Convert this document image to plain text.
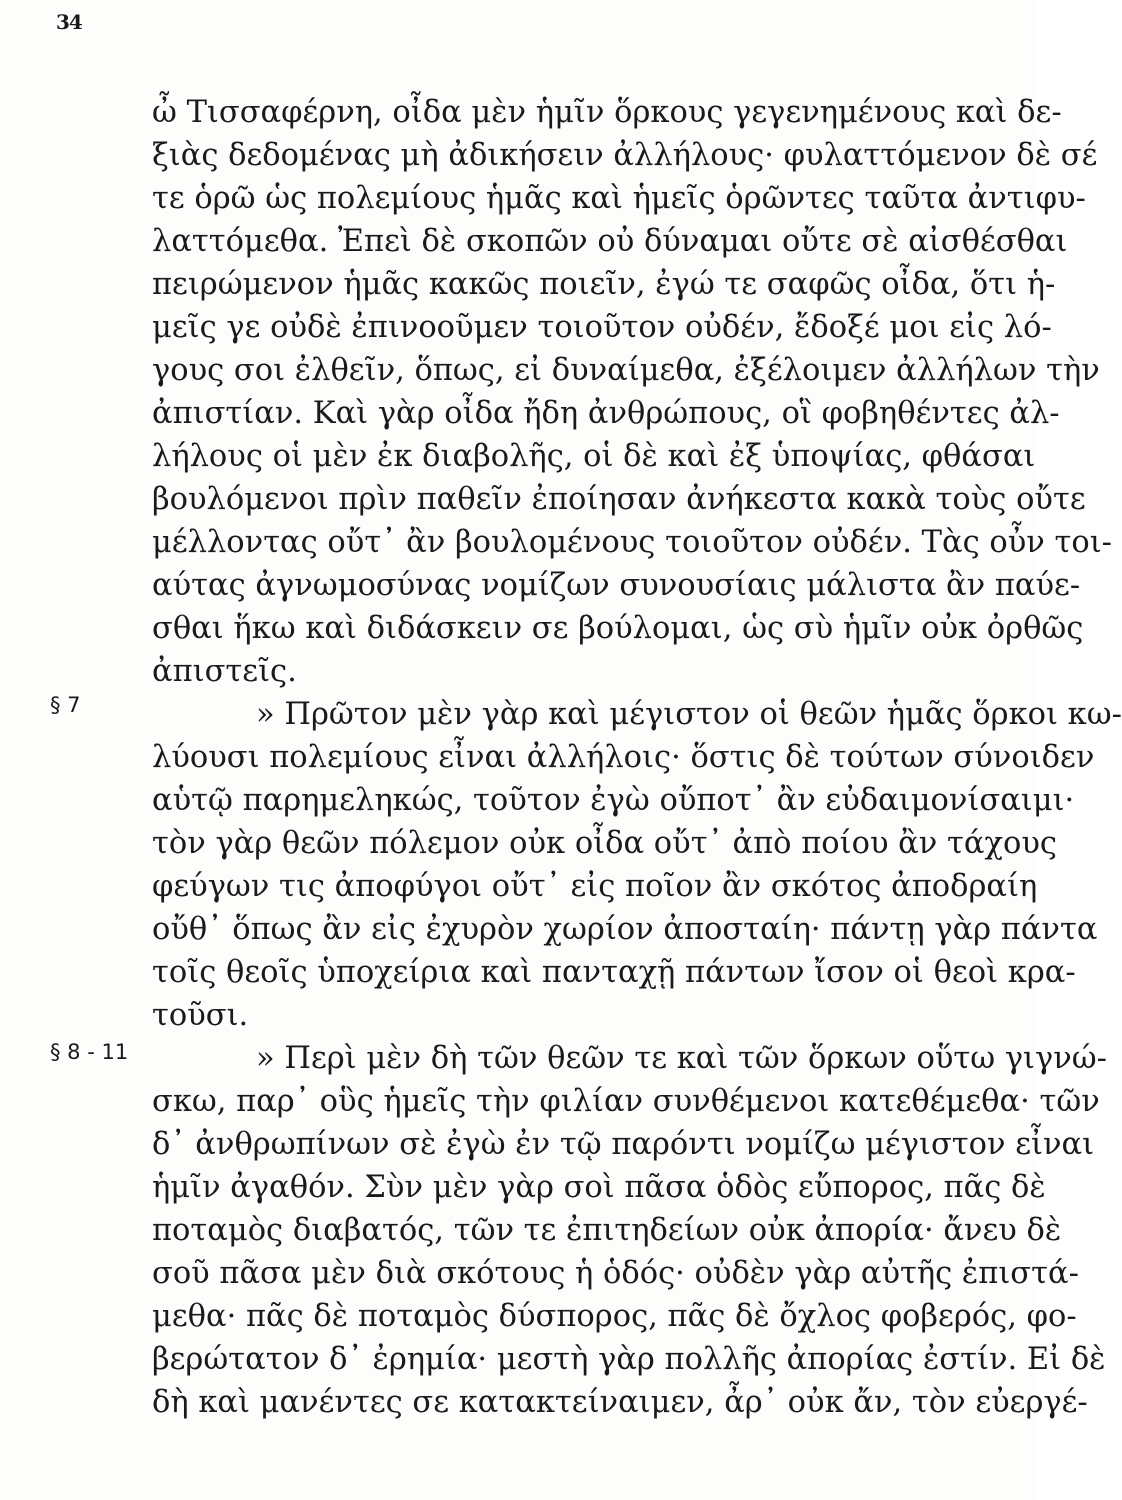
34
§ 7
§ 8 - 11
ὦ Τισσαφέρνη, οἶδα μὲν ἡμῖν ὅρκους γεγενημένους καὶ δε-
ξιὰς δεδομένας μὴ ἀδικήσειν ἀλλήλους· φυλαττόμενον δὲ σέ
τε ὁρῶ ὡς πολεμίους ἡμᾶς καὶ ἡμεῖς ὁρῶντες ταῦτα ἀντιφυ-
λαττόμεθα. Ἐπεὶ δὲ σκοπῶν οὐ δύναμαι οὔτε σὲ αἰσθέσθαι
πειρώμενον ἡμᾶς κακῶς ποιεῖν, ἐγώ τε σαφῶς οἶδα, ὅτι ἡ-
μεῖς γε οὐδὲ ἐπινοοῦμεν τοιοῦτον οὐδέν, ἔδοξέ μοι εἰς λό-
γους σοι ἐλθεῖν, ὅπως, εἰ δυναίμεθα, ἐξέλοιμεν ἀλλήλων τὴν
ἀπιστίαν. Καὶ γὰρ οἶδα ἤδη ἀνθρώπους, οἳ φοβηθέντες ἀλ-
λήλους οἱ μὲν ἐκ διαβολῆς, οἱ δὲ καὶ ἐξ ὑποψίας, φθάσαι
βουλόμενοι πρὶν παθεῖν ἐποίησαν ἀνήκεστα κακὰ τοὺς οὔτε
μέλλοντας οὔτ᾽ ἂν βουλομένους τοιοῦτον οὐδέν. Τὰς οὖν τοι-
αύτας ἀγνωμοσύνας νομίζων συνουσίαις μάλιστα ἂν παύε-
σθαι ἥκω καὶ διδάσκειν σε βούλομαι, ὡς σὺ ἡμῖν οὐκ ὀρθῶς
ἀπιστεῖς.
» Πρῶτον μὲν γὰρ καὶ μέγιστον οἱ θεῶν ἡμᾶς ὅρκοι κω-
λύουσι πολεμίους εἶναι ἀλλήλοις· ὅστις δὲ τούτων σύνοιδεν
αὑτῷ παρημεληκώς, τοῦτον ἐγὼ οὔποτ᾽ ἂν εὐδαιμονίσαιμι·
τὸν γὰρ θεῶν πόλεμον οὐκ οἶδα οὔτ᾽ ἀπὸ ποίου ἂν τάχους
φεύγων τις ἀποφύγοι οὔτ᾽ εἰς ποῖον ἂν σκότος ἀποδραίη
οὔθ᾽ ὅπως ἂν εἰς ἐχυρὸν χωρίον ἀποσταίη· πάντῃ γὰρ πάντα
τοῖς θεοῖς ὑποχείρια καὶ πανταχῇ πάντων ἴσον οἱ θεοὶ κρα-
τοῦσι.
» Περὶ μὲν δὴ τῶν θεῶν τε καὶ τῶν ὅρκων οὕτω γιγνώ-
σκω, παρ᾽ οὓς ἡμεῖς τὴν φιλίαν συνθέμενοι κατεθέμεθα· τῶν
δ᾽ ἀνθρωπίνων σὲ ἐγὼ ἐν τῷ παρόντι νομίζω μέγιστον εἶναι
ἡμῖν ἀγαθόν. Σὺν μὲν γὰρ σοὶ πᾶσα ὁδὸς εὔπορος, πᾶς δὲ
ποταμὸς διαβατός, τῶν τε ἐπιτηδείων οὐκ ἀπορία· ἄνευ δὲ
σοῦ πᾶσα μὲν διὰ σκότους ἡ ὁδός· οὐδὲν γὰρ αὐτῆς ἐπιστά-
μεθα· πᾶς δὲ ποταμὸς δύσπορος, πᾶς δὲ ὄχλος φοβερός, φο-
βερώτατον δ᾽ ἐρημία· μεστὴ γὰρ πολλῆς ἀπορίας ἐστίν. Εἰ δὲ
δὴ καὶ μανέντες σε κατακτείναιμεν, ἆρ᾽ οὐκ ἄν, τὸν εὐεργέ-
